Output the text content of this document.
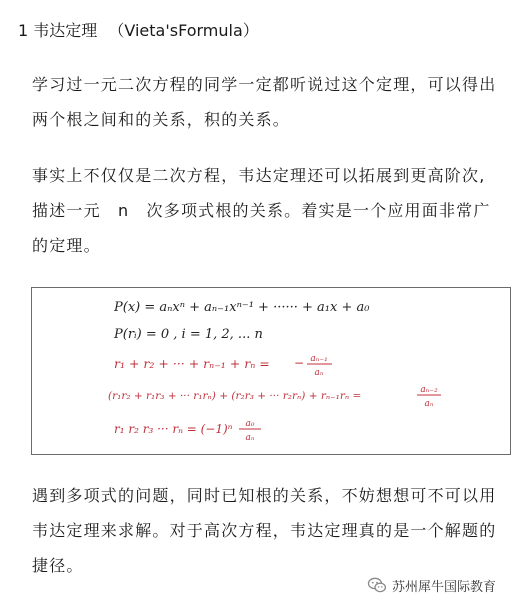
1 韦达定理 （Vieta'sFormula）

学习过一元二次方程的同学一定都听说过这个定理，可以得出两个根之间和的关系，积的关系。

事实上不仅仅是二次方程，韦达定理还可以拓展到更高阶次,描述一元　n　次多项式根的关系。着实是一个应用面非常广的定理。

P(x) = aₙxⁿ + aₙ₋₁xⁿ⁻¹ + ······ + a₁x + a₀
P(rᵢ) = 0 , i = 1, 2, ... n
r₁ + r₂ + ··· + rₙ₋₁ + rₙ = − aₙ₋₁
aₙ
(r₁r₂ + r₁r₃ + ··· r₁rₙ) + (r₂r₃ + ··· r₂rₙ) + rₙ₋₁rₙ =	aₙ₋₂
aₙ
r₁ r₂ r₃ ··· rₙ = (−1)ⁿ a₀
aₙ

遇到多项式的问题，同时已知根的关系，不妨想想可不可以用韦达定理来求解。对于高次方程，韦达定理真的是一个解题的捷径。

苏州犀牛国际教育
